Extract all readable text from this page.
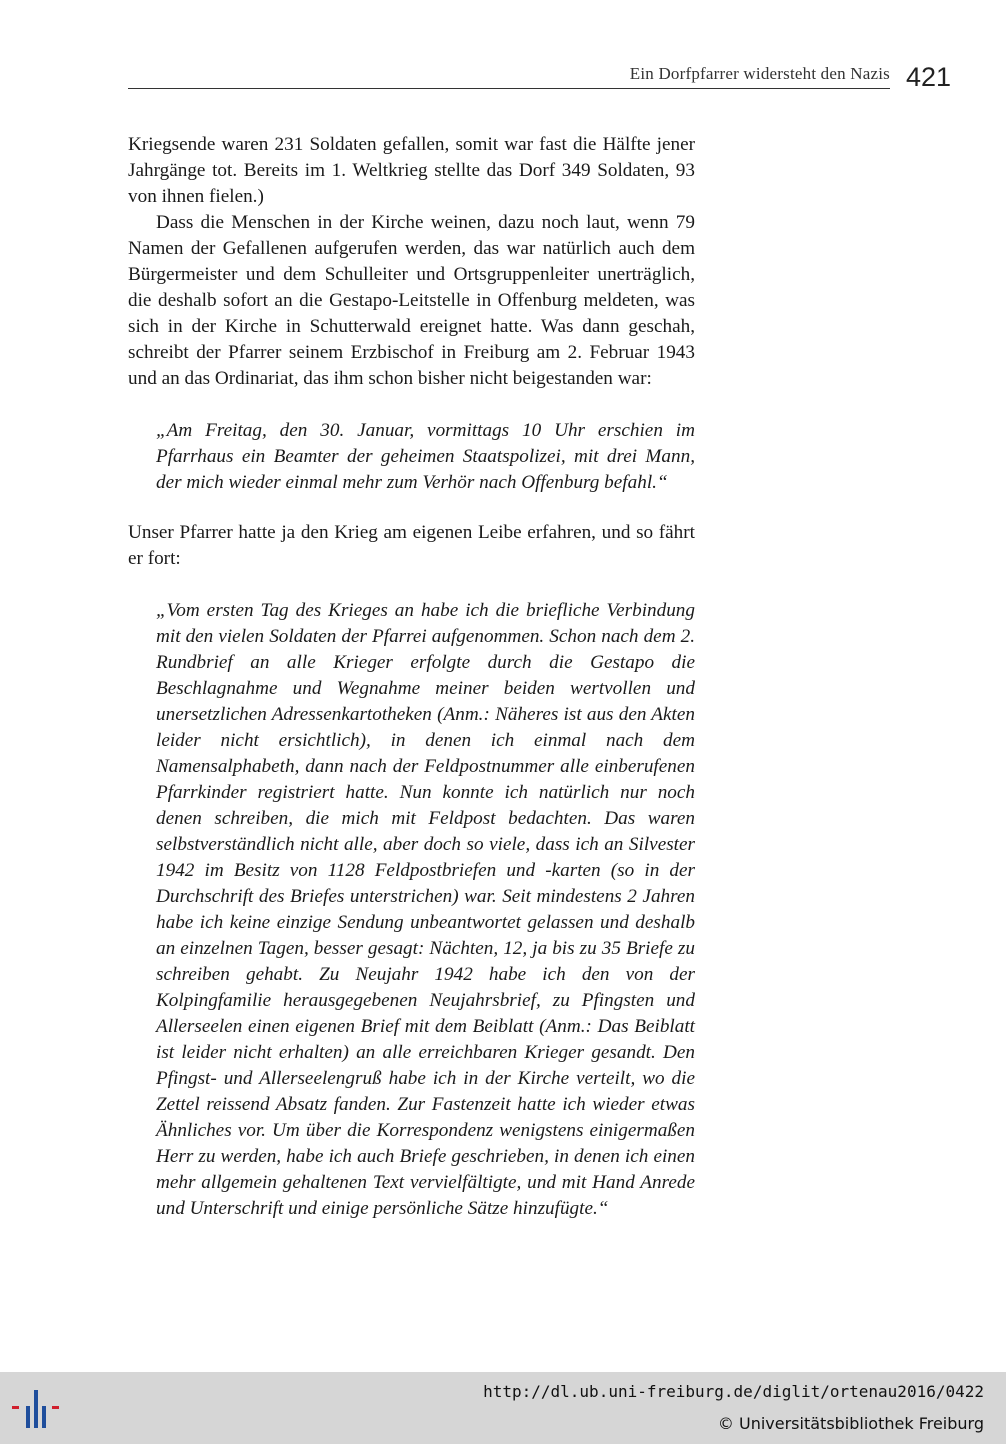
Ein Dorfpfarrer widersteht den Nazis 421

Kriegsende waren 231 Soldaten gefallen, somit war fast die Hälfte jener Jahrgänge tot. Bereits im 1. Weltkrieg stellte das Dorf 349 Soldaten, 93 von ihnen fielen.)

Dass die Menschen in der Kirche weinen, dazu noch laut, wenn 79 Namen der Gefallenen aufgerufen werden, das war natürlich auch dem Bürgermeister und dem Schulleiter und Ortsgruppenleiter unerträglich, die deshalb sofort an die Gestapo-Leitstelle in Offenburg meldeten, was sich in der Kirche in Schutterwald ereignet hatte. Was dann geschah, schreibt der Pfarrer seinem Erzbischof in Freiburg am 2. Februar 1943 und an das Ordinariat, das ihm schon bisher nicht beigestanden war:

„Am Freitag, den 30. Januar, vormittags 10 Uhr erschien im Pfarrhaus ein Beamter der geheimen Staatspolizei, mit drei Mann, der mich wieder einmal mehr zum Verhör nach Offenburg befahl.“

Unser Pfarrer hatte ja den Krieg am eigenen Leibe erfahren, und so fährt er fort:

„Vom ersten Tag des Krieges an habe ich die briefliche Verbindung mit den vielen Soldaten der Pfarrei aufgenommen. Schon nach dem 2. Rundbrief an alle Krieger erfolgte durch die Gestapo die Beschlagnahme und Wegnahme meiner beiden wertvollen und unersetzlichen Adressenkartotheken (Anm.: Näheres ist aus den Akten leider nicht ersichtlich), in denen ich einmal nach dem Namensalphabeth, dann nach der Feldpostnummer alle einberufenen Pfarrkinder registriert hatte. Nun konnte ich natürlich nur noch denen schreiben, die mich mit Feldpost bedachten. Das waren selbstverständlich nicht alle, aber doch so viele, dass ich an Silvester 1942 im Besitz von 1128 Feldpostbriefen und -karten (so in der Durchschrift des Briefes unterstrichen) war. Seit mindestens 2 Jahren habe ich keine einzige Sendung unbeantwortet gelassen und deshalb an einzelnen Tagen, besser gesagt: Nächten, 12, ja bis zu 35 Briefe zu schreiben gehabt. Zu Neujahr 1942 habe ich den von der Kolpingfamilie herausgegebenen Neujahrsbrief, zu Pfingsten und Allerseelen einen eigenen Brief mit dem Beiblatt (Anm.: Das Beiblatt ist leider nicht erhalten) an alle erreichbaren Krieger gesandt. Den Pfingst- und Allerseelengruß habe ich in der Kirche verteilt, wo die Zettel reissend Absatz fanden. Zur Fastenzeit hatte ich wieder etwas Ähnliches vor. Um über die Korrespondenz wenigstens einigermaßen Herr zu werden, habe ich auch Briefe geschrieben, in denen ich einen mehr allgemein gehaltenen Text vervielfältigte, und mit Hand Anrede und Unterschrift und einige persönliche Sätze hinzufügte.“

http://dl.ub.uni-freiburg.de/diglit/ortenau2016/0422
© Universitätsbibliothek Freiburg
